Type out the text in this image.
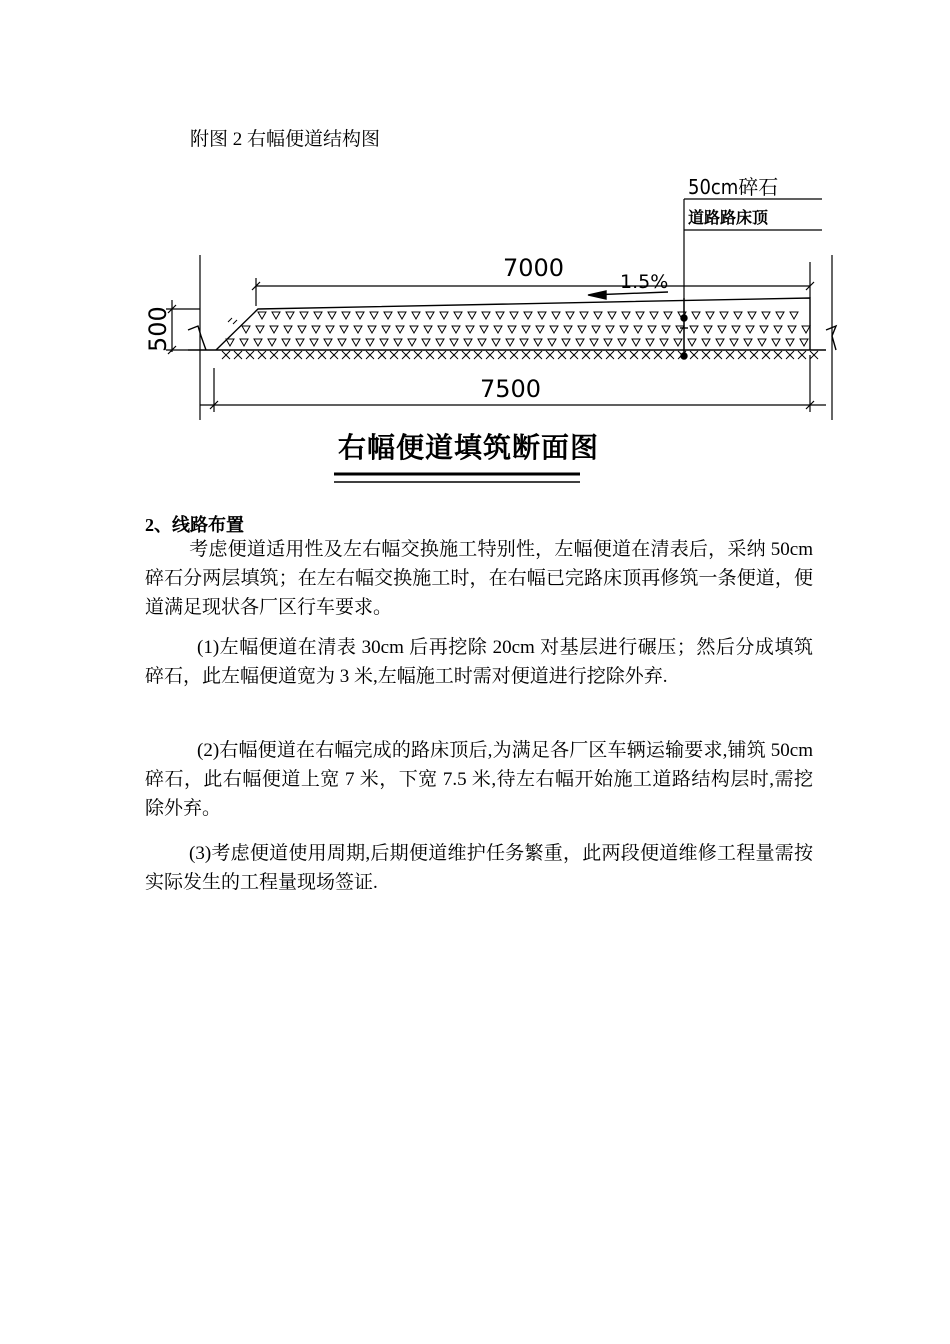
附图 2 右幅便道结构图
50cm碎石
道路路床顶
7000	1.5%
500
7500
右幅便道填筑断面图
2、线路布置
考虑便道适用性及左右幅交换施工特别性，左幅便道在清表后，采纳 50cm 碎石分两层填筑；在左右幅交换施工时，在右幅已完路床顶再修筑一条便道，便道满足现状各厂区行车要求。
(1)左幅便道在清表 30cm 后再挖除 20cm 对基层进行碾压；然后分成填筑碎石，此左幅便道宽为 3 米,左幅施工时需对便道进行挖除外弃.
(2)右幅便道在右幅完成的路床顶后,为满足各厂区车辆运输要求,铺筑 50cm 碎石，此右幅便道上宽 7 米，下宽 7.5 米,待左右幅开始施工道路结构层时,需挖除外弃。
(3)考虑便道使用周期,后期便道维护任务繁重，此两段便道维修工程量需按实际发生的工程量现场签证.
